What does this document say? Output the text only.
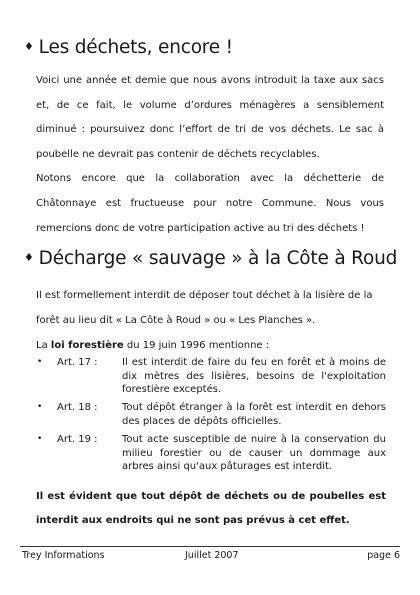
♦ Les déchets, encore !

Voici une année et demie que nous avons introduit la taxe aux sacs et, de ce fait, le volume d’ordures ménagères a sensiblement diminué : poursuivez donc l’effort de tri de vos déchets. Le sac à poubelle ne devrait pas contenir de déchets recyclables.
Notons encore que la collaboration avec la déchetterie de Châtonnaye est fructueuse pour notre Commune. Nous vous remercions donc de votre participation active au tri des déchets !

♦ Décharge « sauvage » à la Côte à Roud

Il est formellement interdit de déposer tout déchet à la lisière de la forêt au lieu dit « La Côte à Roud » ou « Les Planches ».
La loi forestière du 19 juin 1996 mentionne :

• Art. 17 : Il est interdit de faire du feu en forêt et à moins de dix mètres des lisières, besoins de l'exploitation forestière exceptés.
• Art. 18 : Tout dépôt étranger à la forêt est interdit en dehors des places de dépôts officielles.
• Art. 19 : Tout acte susceptible de nuire à la conservation du milieu forestier ou de causer un dommage aux arbres ainsi qu'aux pâturages est interdit.

Il est évident que tout dépôt de déchets ou de poubelles est interdit aux endroits qui ne sont pas prévus à cet effet.

Trey Informations	Juillet 2007	page 6
